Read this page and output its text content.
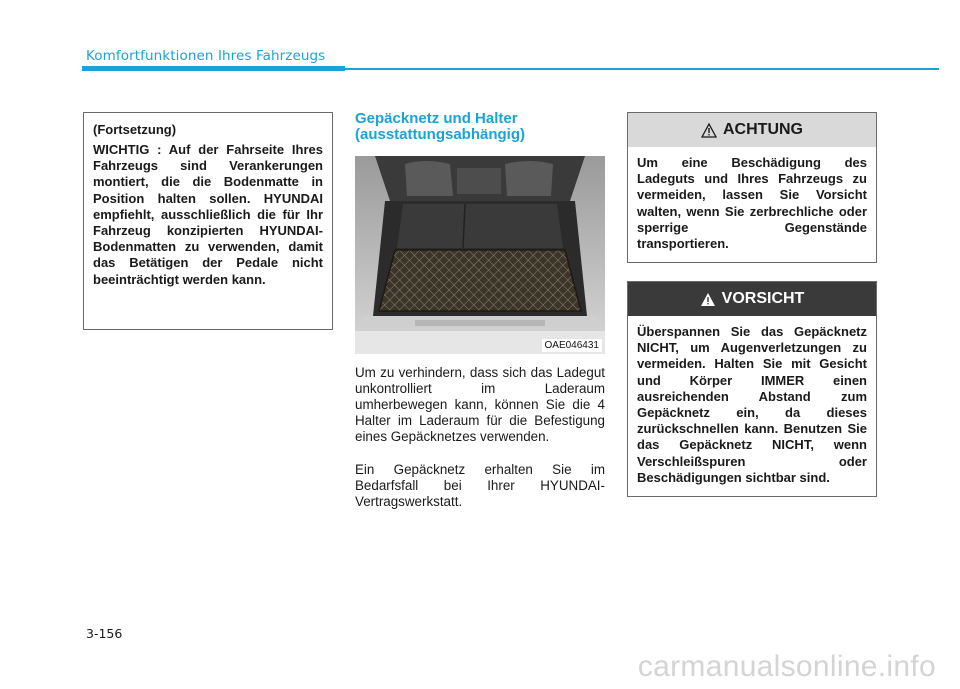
Komfortfunktionen Ihres Fahrzeugs
(Fortsetzung)
WICHTIG : Auf der Fahrseite Ihres Fahrzeugs sind Verankerungen montiert, die die Bodenmatte in Position halten sollen. HYUNDAI empfiehlt, ausschließlich die für Ihr Fahrzeug konzipierten HYUNDAI-Bodenmatten zu verwenden, damit das Betätigen der Pedale nicht beeinträchtigt werden kann.
Gepäcknetz und Halter
(ausstattungsabhängig)
OAE046431
Um zu verhindern, dass sich das Ladegut unkontrolliert im Laderaum umherbewegen kann, können Sie die 4 Halter im Laderaum für die Befestigung eines Gepäcknetzes verwenden.
Ein Gepäcknetz erhalten Sie im Bedarfsfall bei Ihrer HYUNDAI-Vertragswerkstatt.
ACHTUNG
Um eine Beschädigung des Ladeguts und Ihres Fahrzeugs zu vermeiden, lassen Sie Vorsicht walten, wenn Sie zerbrechliche oder sperrige Gegenstände transportieren.
VORSICHT
Überspannen Sie das Gepäcknetz NICHT, um Augenverletzungen zu vermeiden. Halten Sie mit Gesicht und Körper IMMER einen ausreichenden Abstand zum Gepäcknetz ein, da dieses zurückschnellen kann. Benutzen Sie das Gepäcknetz NICHT, wenn Verschleißspuren oder Beschädigungen sichtbar sind.
3-156
carmanualsonline.info
